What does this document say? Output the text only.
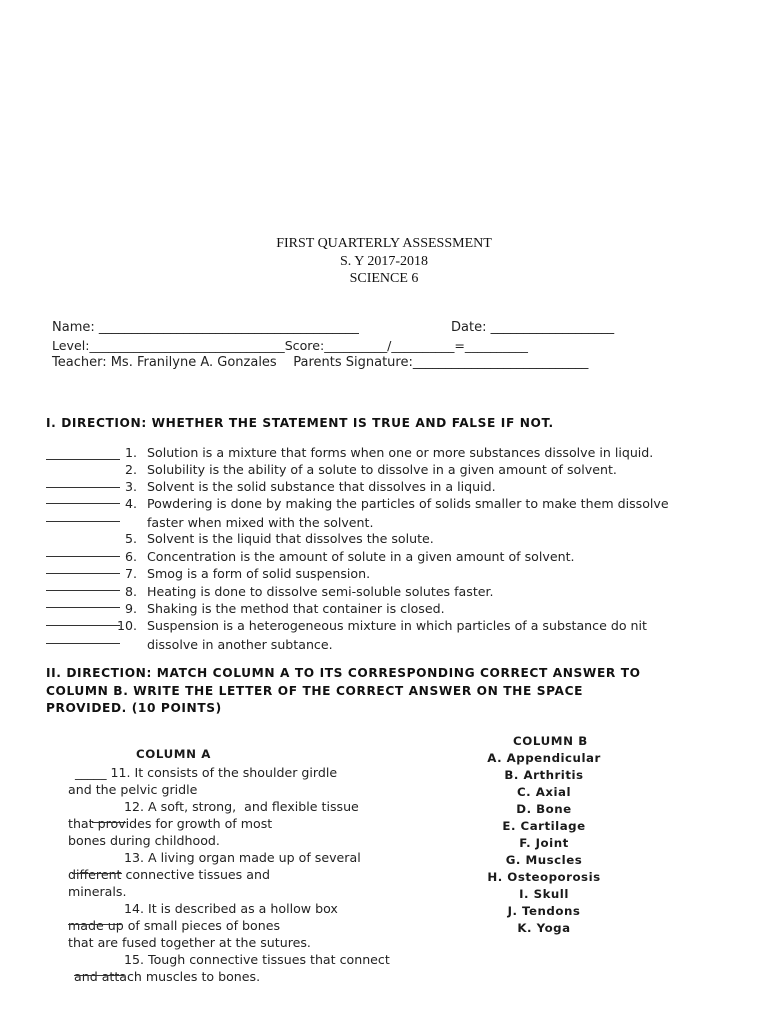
FIRST QUARTERLY ASSESSMENT
S. Y 2017-2018
SCIENCE 6
Name: ________________________________________	Date: ___________________
Level:_______________________________Score:__________/__________=__________
Teacher: Ms. Franilyne A. Gonzales    Parents Signature:___________________________
I. DIRECTION: WHETHER THE STATEMENT IS TRUE AND FALSE IF NOT.
1. Solution is a mixture that forms when one or more substances dissolve in liquid.
2. Solubility is the ability of a solute to dissolve in a given amount of solvent.
3. Solvent is the solid substance that dissolves in a liquid.
4. Powdering is done by making the particles of solids smaller to make them dissolve
faster when mixed with the solvent.
5. Solvent is the liquid that dissolves the solute.
6. Concentration is the amount of solute in a given amount of solvent.
7. Smog is a form of solid suspension.
8. Heating is done to dissolve semi-soluble solutes faster.
9. Shaking is the method that container is closed.
10. Suspension is a heterogeneous mixture in which particles of a substance do nit
dissolve in another subtance.
II. DIRECTION: MATCH COLUMN A TO ITS CORRESPONDING CORRECT ANSWER TO
COLUMN B. WRITE THE LETTER OF THE CORRECT ANSWER ON THE SPACE
PROVIDED. (10 POINTS)
COLUMN A
COLUMN B
_____ 11. It consists of the shoulder girdle
and the pelvic gridle
12. A soft, strong,  and flexible tissue
that provides for growth of most
bones during childhood.
13. A living organ made up of several
different connective tissues and
minerals.
14. It is described as a hollow box
made up of small pieces of bones
that are fused together at the sutures.
15. Tough connective tissues that connect
and attach muscles to bones.
A. Appendicular
B. Arthritis
C. Axial
D. Bone
E. Cartilage
F. Joint
G. Muscles
H. Osteoporosis
I. Skull
J. Tendons
K. Yoga
